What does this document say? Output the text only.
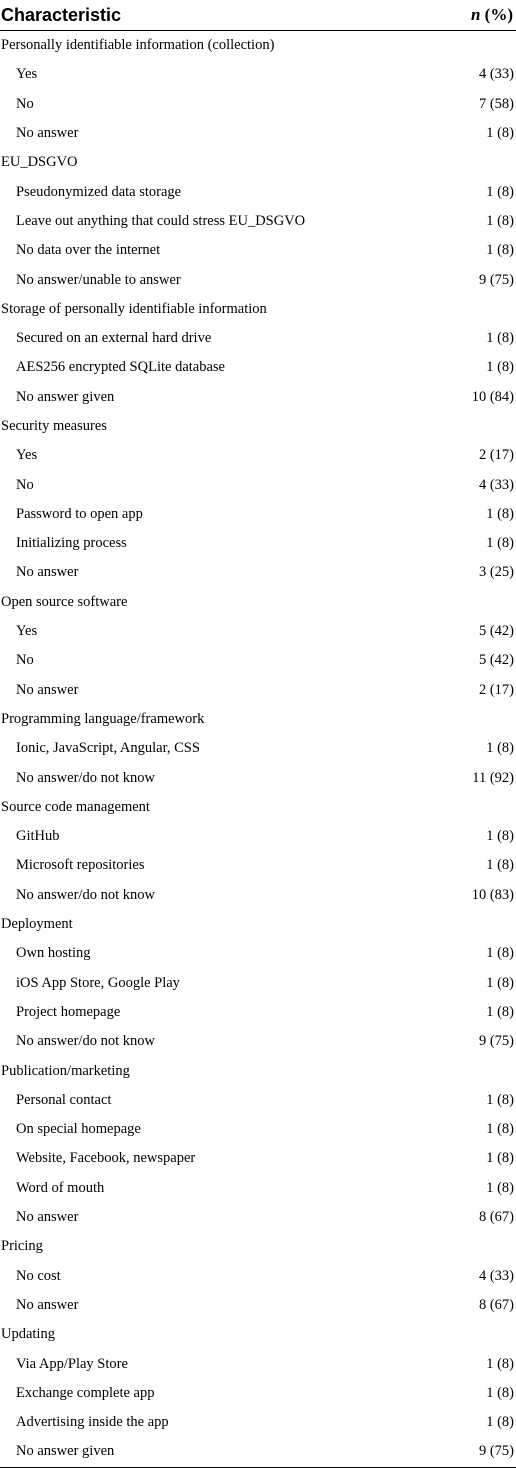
Characteristic	n (%)
Personally identifiable information (collection)
Yes	4 (33)
No	7 (58)
No answer	1 (8)
EU_DSGVO
Pseudonymized data storage	1 (8)
Leave out anything that could stress EU_DSGVO	1 (8)
No data over the internet	1 (8)
No answer/unable to answer	9 (75)
Storage of personally identifiable information
Secured on an external hard drive	1 (8)
AES256 encrypted SQLite database	1 (8)
No answer given	10 (84)
Security measures
Yes	2 (17)
No	4 (33)
Password to open app	1 (8)
Initializing process	1 (8)
No answer	3 (25)
Open source software
Yes	5 (42)
No	5 (42)
No answer	2 (17)
Programming language/framework
Ionic, JavaScript, Angular, CSS	1 (8)
No answer/do not know	11 (92)
Source code management
GitHub	1 (8)
Microsoft repositories	1 (8)
No answer/do not know	10 (83)
Deployment
Own hosting	1 (8)
iOS App Store, Google Play	1 (8)
Project homepage	1 (8)
No answer/do not know	9 (75)
Publication/marketing
Personal contact	1 (8)
On special homepage	1 (8)
Website, Facebook, newspaper	1 (8)
Word of mouth	1 (8)
No answer	8 (67)
Pricing
No cost	4 (33)
No answer	8 (67)
Updating
Via App/Play Store	1 (8)
Exchange complete app	1 (8)
Advertising inside the app	1 (8)
No answer given	9 (75)
